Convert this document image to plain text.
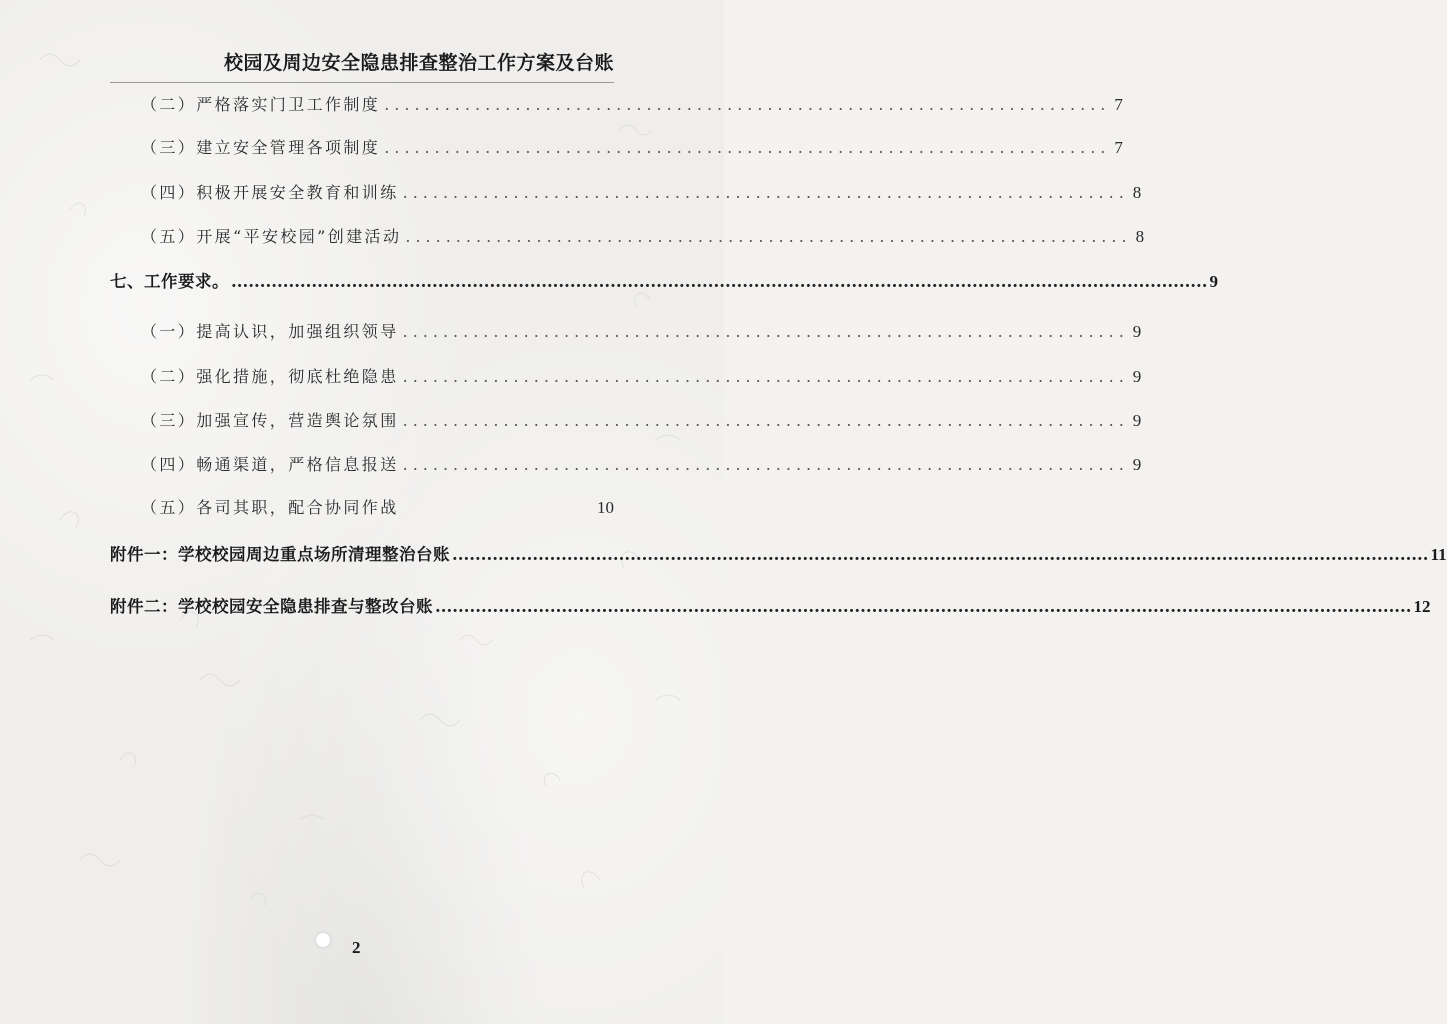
校园及周边安全隐患排查整治工作方案及台账
（二）严格落实门卫工作制度 ........................................................................ 7
（三）建立安全管理各项制度 ........................................................................ 7
（四）积极开展安全教育和训练 ........................................................................ 8
（五）开展“平安校园”创建活动 ........................................................................ 8
七、工作要求。 .......................................................................................................................................................................... 9
（一）提高认识，加强组织领导 ........................................................................ 9
（二）强化措施，彻底杜绝隐患 ........................................................................ 9
（三）加强宣传，营造舆论氛围 ........................................................................ 9
（四）畅通渠道，严格信息报送 ........................................................................ 9
（五）各司其职，配合协同作战	10
附件一：学校校园周边重点场所清理整治台账 .......................................................................................................................................................................... 11
附件二：学校校园安全隐患排查与整改台账 .......................................................................................................................................................................... 12
2
